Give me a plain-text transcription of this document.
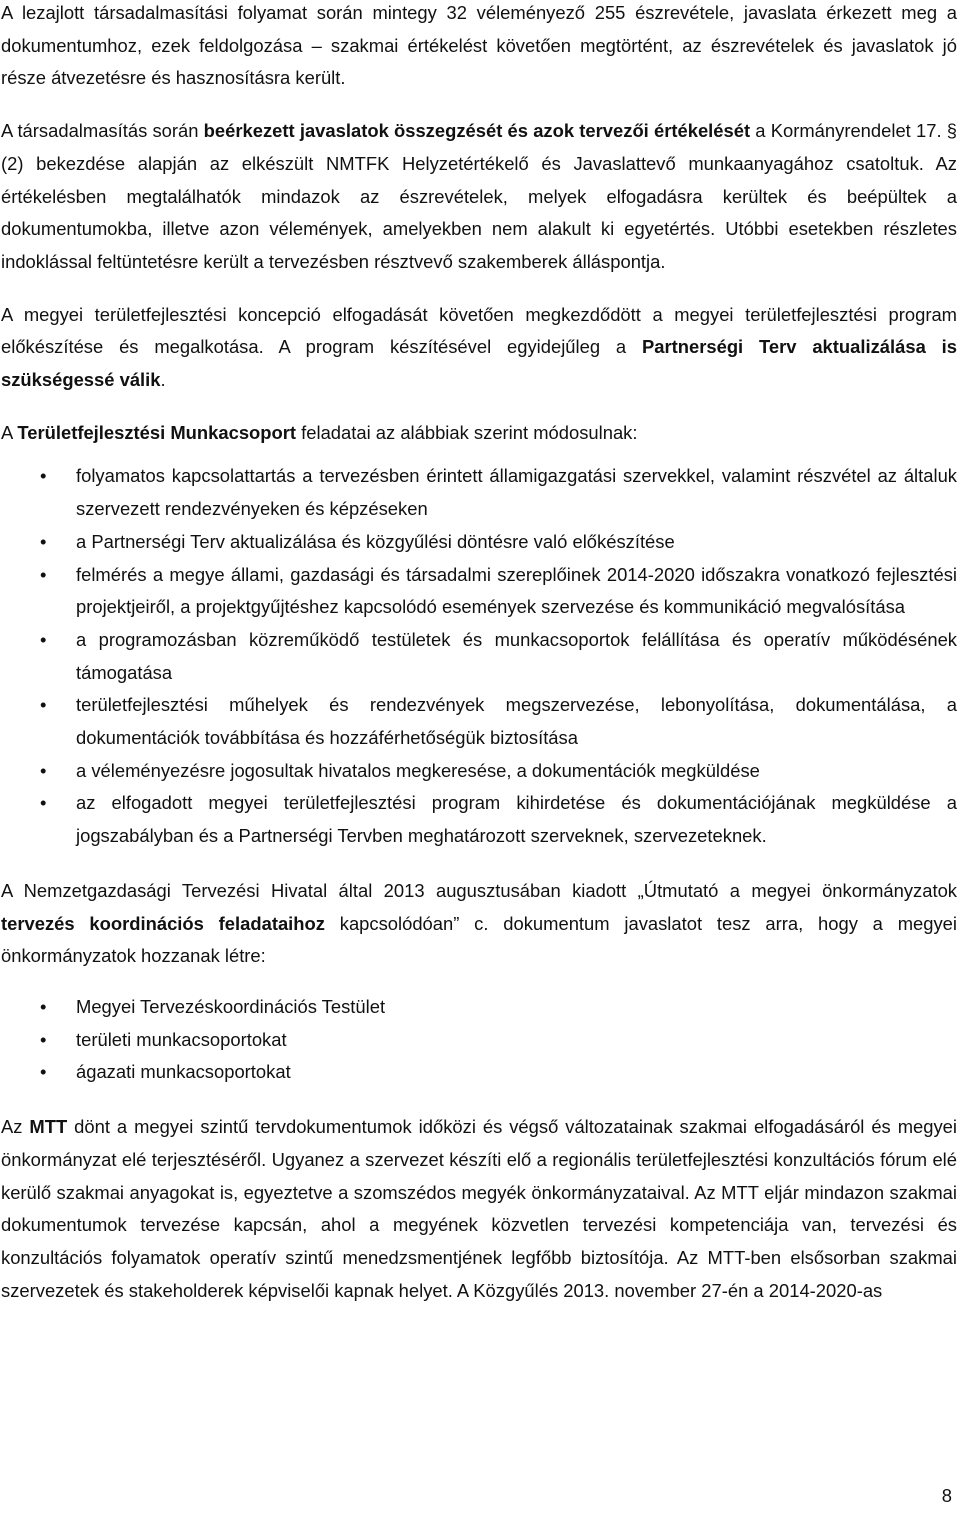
A lezajlott társadalmasítási folyamat során mintegy 32 véleményező 255 észrevétele, javaslata érkezett meg a dokumentumhoz, ezek feldolgozása – szakmai értékelést követően megtörtént, az észrevételek és javaslatok jó része átvezetésre és hasznosításra került.

A társadalmasítás során beérkezett javaslatok összegzését és azok tervezői értékelését a Kormányrendelet 17. § (2) bekezdése alapján az elkészült NMTFK Helyzetértékelő és Javaslattevő munkaanyagához csatoltuk. Az értékelésben megtalálhatók mindazok az észrevételek, melyek elfogadásra kerültek és beépültek a dokumentumokba, illetve azon vélemények, amelyekben nem alakult ki egyetértés. Utóbbi esetekben részletes indoklással feltüntetésre került a tervezésben résztvevő szakemberek álláspontja.

A megyei területfejlesztési koncepció elfogadását követően megkezdődött a megyei területfejlesztési program előkészítése és megalkotása. A program készítésével egyidejűleg a Partnerségi Terv aktualizálása is szükségessé válik.

A Területfejlesztési Munkacsoport feladatai az alábbiak szerint módosulnak:

• folyamatos kapcsolattartás a tervezésben érintett államigazgatási szervekkel, valamint részvétel az általuk szervezett rendezvényeken és képzéseken
• a Partnerségi Terv aktualizálása és közgyűlési döntésre való előkészítése
• felmérés a megye állami, gazdasági és társadalmi szereplőinek 2014-2020 időszakra vonatkozó fejlesztési projektjeiről, a projektgyűjtéshez kapcsolódó események szervezése és kommunikáció megvalósítása
• a programozásban közreműködő testületek és munkacsoportok felállítása és operatív működésének támogatása
• területfejlesztési műhelyek és rendezvények megszervezése, lebonyolítása, dokumentálása, a dokumentációk továbbítása és hozzáférhetőségük biztosítása
• a véleményezésre jogosultak hivatalos megkeresése, a dokumentációk megküldése
• az elfogadott megyei területfejlesztési program kihirdetése és dokumentációjának megküldése a jogszabályban és a Partnerségi Tervben meghatározott szerveknek, szervezeteknek.

A Nemzetgazdasági Tervezési Hivatal által 2013 augusztusában kiadott „Útmutató a megyei önkormányzatok tervezés koordinációs feladataihoz kapcsolódóan” c. dokumentum javaslatot tesz arra, hogy a megyei önkormányzatok hozzanak létre:

• Megyei Tervezéskoordinációs Testület
• területi munkacsoportokat
• ágazati munkacsoportokat

Az MTT dönt a megyei szintű tervdokumentumok időközi és végső változatainak szakmai elfogadásáról és megyei önkormányzat elé terjesztéséről. Ugyanez a szervezet készíti elő a regionális területfejlesztési konzultációs fórum elé kerülő szakmai anyagokat is, egyeztetve a szomszédos megyék önkormányzataival. Az MTT eljár mindazon szakmai dokumentumok tervezése kapcsán, ahol a megyének közvetlen tervezési kompetenciája van, tervezési és konzultációs folyamatok operatív szintű menedzsmentjének legfőbb biztosítója. Az MTT-ben elsősorban szakmai szervezetek és stakeholderek képviselői kapnak helyet. A Közgyűlés 2013. november 27-én a 2014-2020-as

8
